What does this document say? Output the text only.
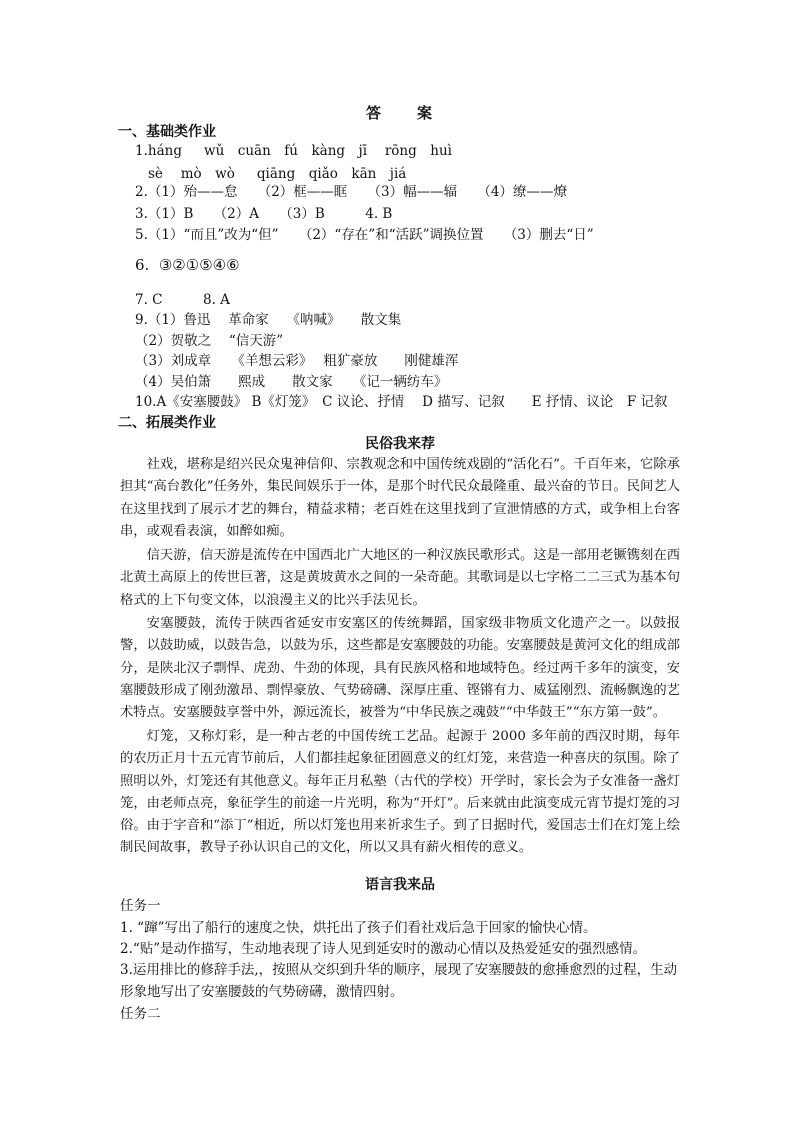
答　　案
一、基础类作业
1.háng　  wǔ　cuān　fú　kàng　jī　 rōng　huì
sè　 mò　wò　  qiāng　qiǎo　kān　jiá
2.（1）殆——怠　　（2）框——眶　　（3）幅——辐　　（4）缭——燎
3.（1）B　　（2）A　　（3）B　　　4. B
5.（1）“而且”改为“但”　　（2）“存在”和“活跃”调换位置　　（3）删去“日”
6.  ③②①⑤④⑥
7. C　　　8. A
9.（1）鲁迅　 革命家　 《呐喊》　　散文集
（2）贺敬之　 “信天游”
（3）刘成章　　《羊想云彩》　 粗犷豪放　　刚健雄浑
（4）吴伯箫　　熙成　　散文家　　《记一辆纺车》
10.A《安塞腰鼓》 B《灯笼》　C 议论、抒情　 D 描写、记叙　　E 抒情、议论　F 记叙
二、拓展类作业
民俗我来荐
社戏，堪称是绍兴民众鬼神信仰、宗教观念和中国传统戏剧的“活化石”。千百年来，它除承担其“高台教化”任务外，集民间娱乐于一体，是那个时代民众最隆重、最兴奋的节日。民间艺人在这里找到了展示才艺的舞台，精益求精；老百姓在这里找到了宣泄情感的方式，或争相上台客串，或观看表演，如醉如痴。
信天游，信天游是流传在中国西北广大地区的一种汉族民歌形式。这是一部用老镢镌刻在西北黄土高原上的传世巨著，这是黄坡黄水之间的一朵奇葩。其歌词是以七字格二二三式为基本句格式的上下句变文体，以浪漫主义的比兴手法见长。
安塞腰鼓，流传于陕西省延安市安塞区的传统舞蹈，国家级非物质文化遗产之一。以鼓报警，以鼓助威，以鼓告急，以鼓为乐，这些都是安塞腰鼓的功能。安塞腰鼓是黄河文化的组成部分，是陕北汉子剽悍、虎劲、牛劲的体现，具有民族风格和地域特色。经过两千多年的演变，安塞腰鼓形成了刚劲激昂、剽悍豪放、气势磅礴、深厚庄重、铿锵有力、威猛刚烈、流畅飘逸的艺术特点。安塞腰鼓享誉中外，源远流长，被誉为“中华民族之魂鼓”“中华鼓王”“东方第一鼓”。
灯笼，又称灯彩，是一种古老的中国传统工艺品。起源于 2000 多年前的西汉时期，每年的农历正月十五元宵节前后，人们都挂起象征团圆意义的红灯笼，来营造一种喜庆的氛围。除了照明以外，灯笼还有其他意义。每年正月私塾（古代的学校）开学时，家长会为子女准备一盏灯笼，由老师点亮，象征学生的前途一片光明，称为“开灯”。后来就由此演变成元宵节提灯笼的习俗。由于字音和“添丁”相近，所以灯笼也用来祈求生子。到了日据时代，爱国志士们在灯笼上绘制民间故事，教导子孙认识自己的文化，所以又具有薪火相传的意义。
语言我来品
任务一
1. “蹿”写出了船行的速度之快，烘托出了孩子们看社戏后急于回家的愉快心情。
2.“贴”是动作描写，生动地表现了诗人见到延安时的激动心情以及热爱延安的强烈感情。
3.运用排比的修辞手法,，按照从交织到升华的顺序，展现了安塞腰鼓的愈捶愈烈的过程，生动形象地写出了安塞腰鼓的气势磅礴，激情四射。
任务二
